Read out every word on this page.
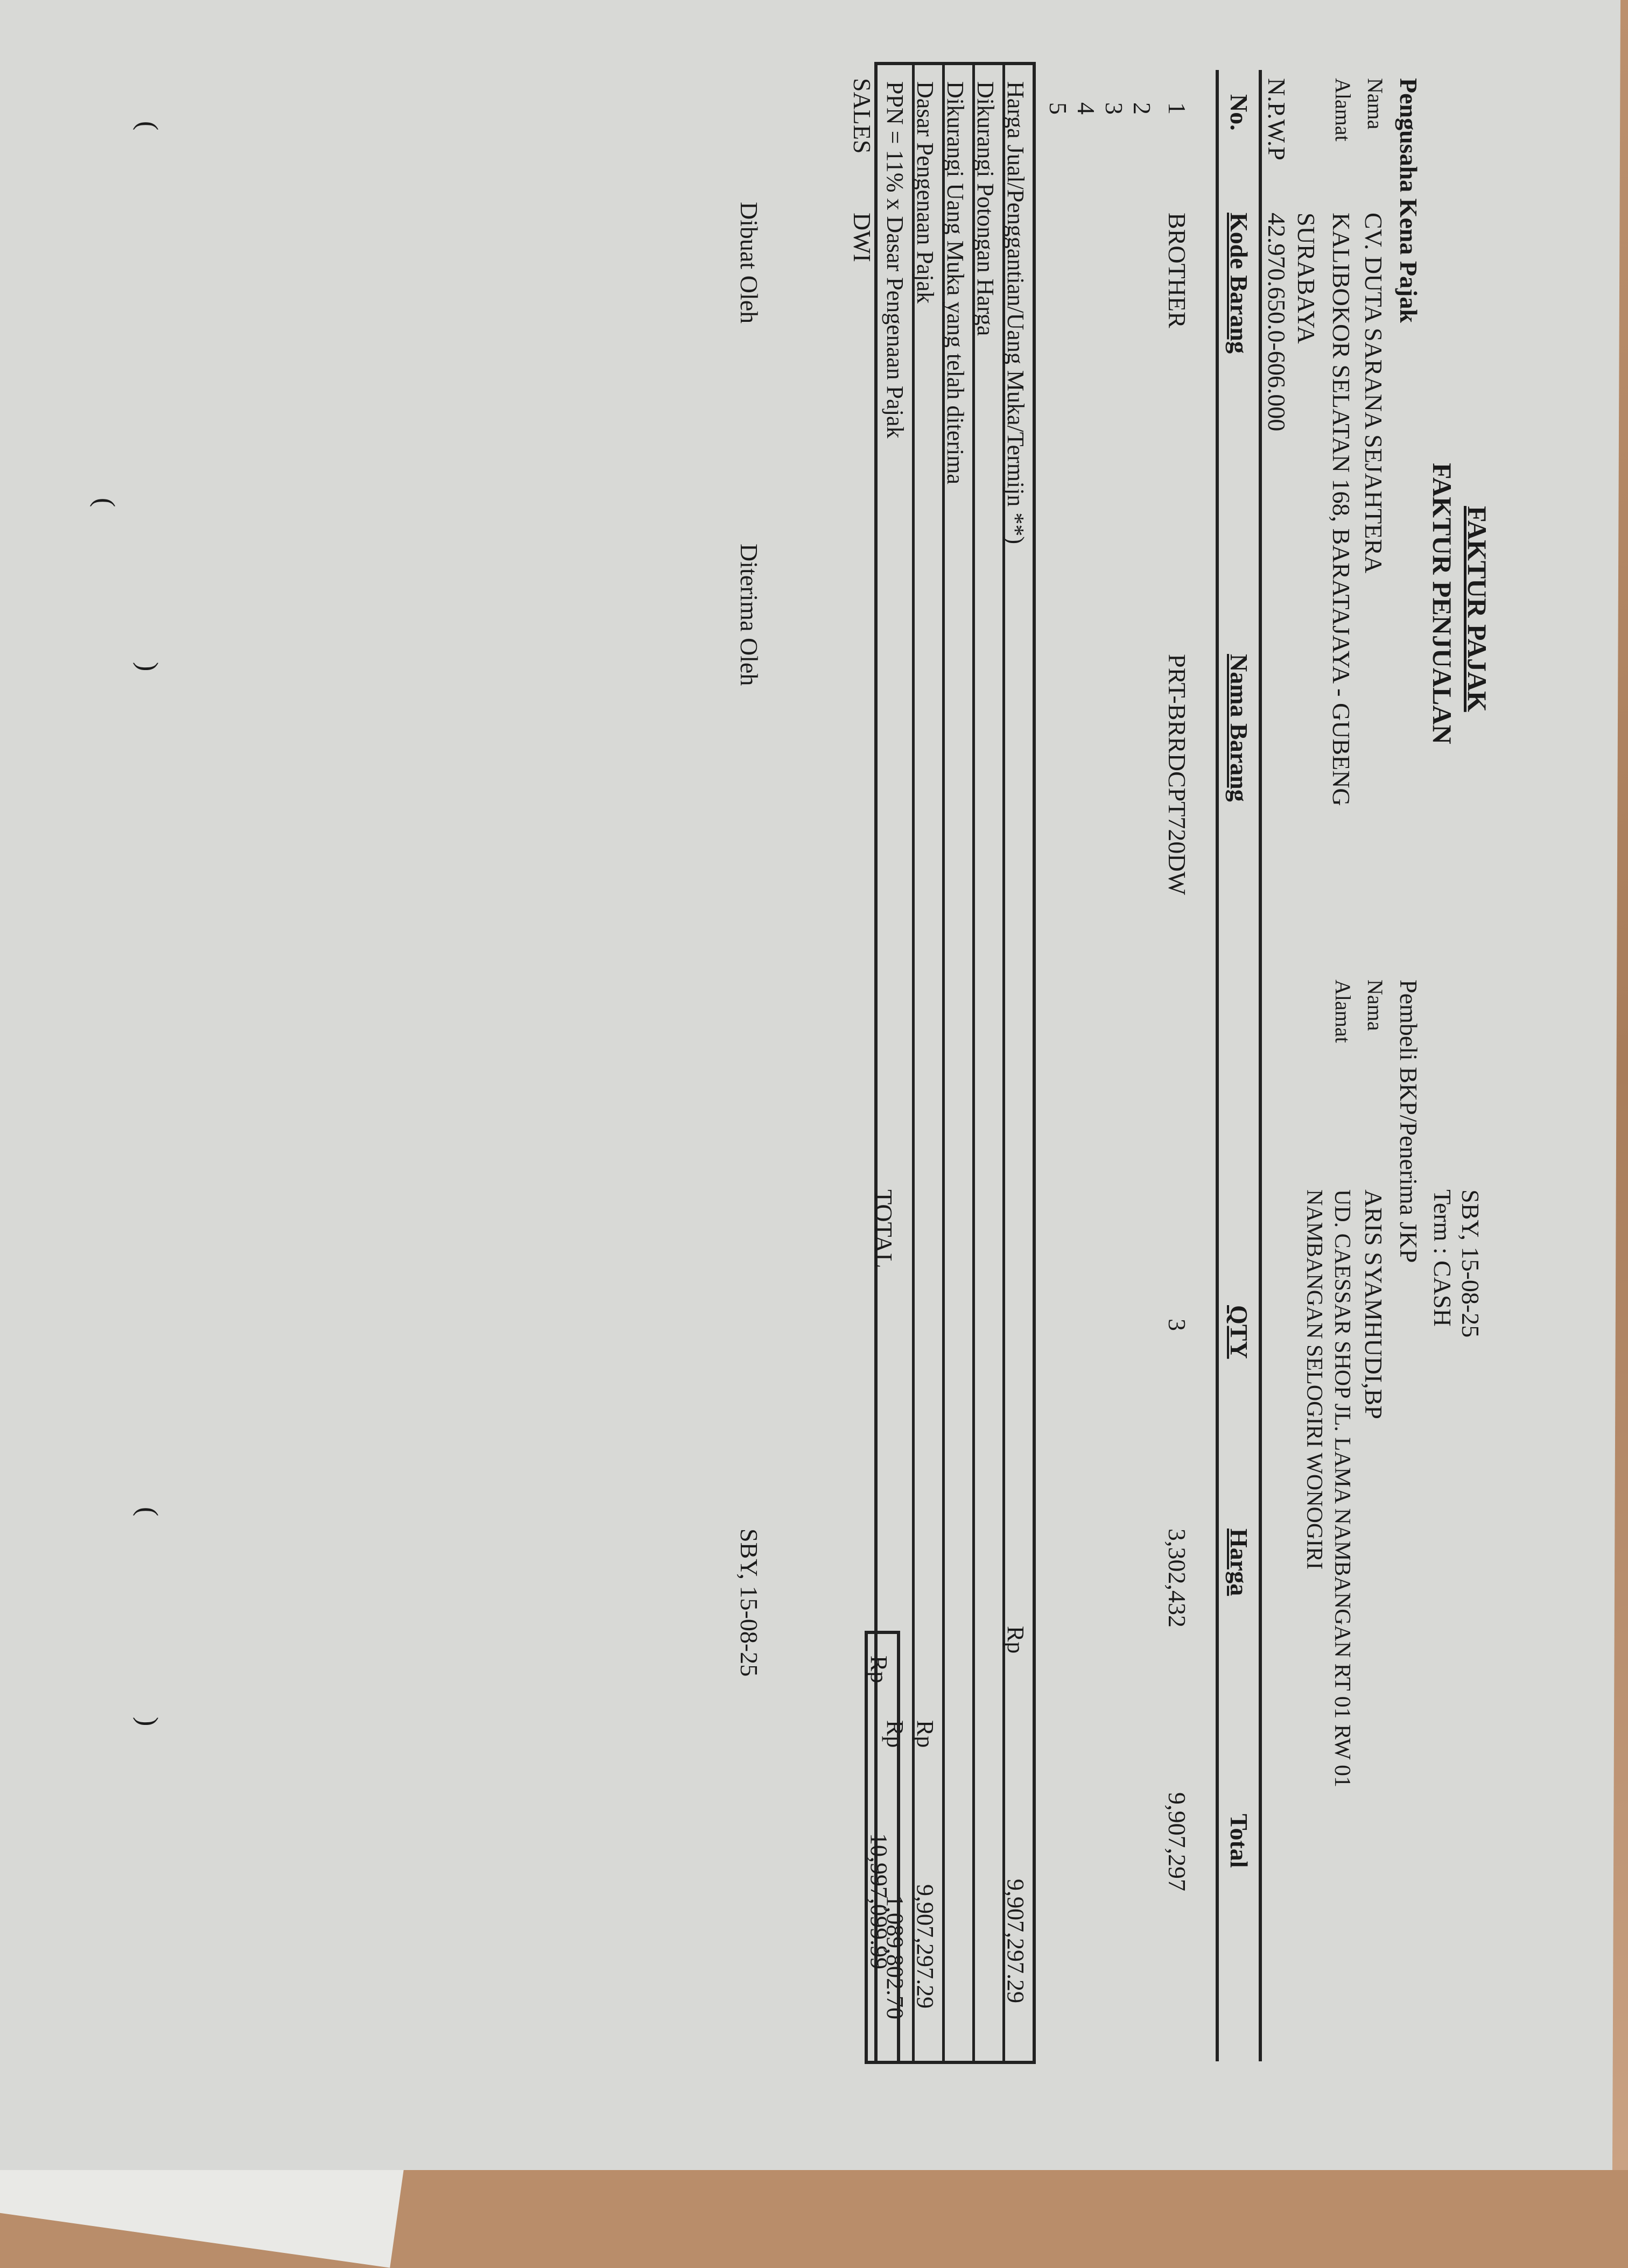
FAKTUR PAJAK
FAKTUR PENJUALAN
SBY, 15-08-25
Term : CASH
Pengusaha Kena Pajak
Nama
CV. DUTA SARANA SEJAHTERA
Alamat
KALIBOKOR SELATAN 168, BARATAJAYA - GUBENG
SURABAYA
N.P.W.P
42.970.650.0-606.000
Pembeli BKP/Penerima JKP
Nama
ARIS SYAMHUDI,BP
Alamat
UD. CAESSAR SHOP JL. LAMA NAMBANGAN RT 01 RW 01
NAMBANGAN SELOGIRI WONOGIRI
No.
Kode Barang
Nama Barang
QTY
Harga
Total
1
BROTHER
PRT-BRRDCPT720DW
3
3,302,432
9,907,297
2
3
4
5
Harga Jual/Penggantian/Uang Muka/Termijn **)
Rp
9,907,297.29
Dikurangi Potongan Harga
Dikurangi Uang Muka yang telah diterima
Dasar Pengenaan Pajak
Rp
9,907,297.29
PPN = 11% x Dasar Pengenaan Pajak
Rp
1,089,802.70
TOTAL
Rp
10,997,099.99
SALES
DWI
Dibuat Oleh
Diterima Oleh
SBY, 15-08-25
(
)
(
(
)
